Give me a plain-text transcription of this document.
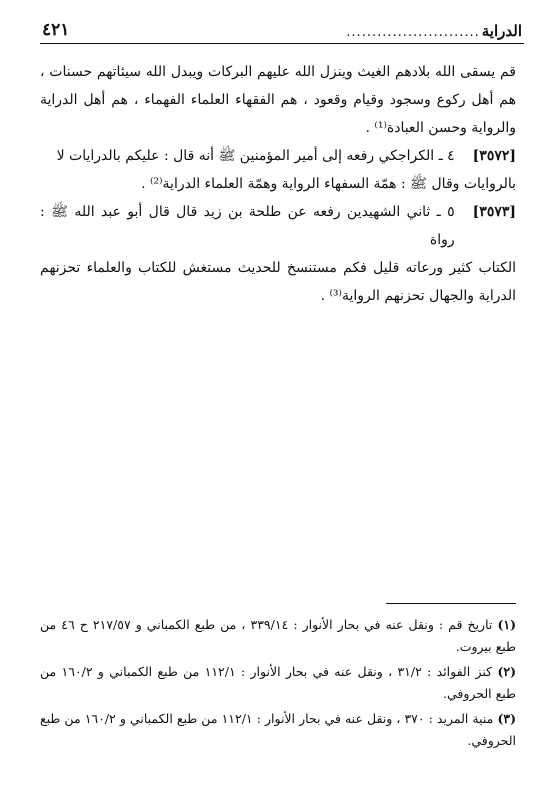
الدراية
..........................
٤٢١

قم يسقى الله بلادهم الغيث وينزل الله عليهم البركات ويبدل الله سيئاتهم حسنات ، هم أهل ركوع وسجود وقيام وقعود ، هم الفقهاء العلماء الفهماء ، هم أهل الدراية والرواية وحسن العبادة⁽¹⁾ .

[٣٥٧٢]
٤ ـ الكراجكي رفعه إلى أمير المؤمنين ﷺ أنه قال : عليكم بالدرايات لا
بالروايات وقال ﷺ : همّة السفهاء الرواية وهمّة العلماء الدراية⁽²⁾ .
[٣٥٧٣]
٥ ـ ثاني الشهيدين رفعه عن طلحة بن زيد قال قال أبو عبد الله ﷺ : رواة
الكتاب كثير ورعاته قليل فكم مستنسخ للحديث مستغش للكتاب والعلماء تحزنهم الدراية والجهال تحزنهم الرواية⁽³⁾ .

(١) تاريخ قم : ونقل عنه في بحار الأنوار : ٣٣٩/١٤ ، من طبع الكمباني و ٢١٧/٥٧ ح ٤٦ من طبع بيروت.

(٢) كنز الفوائد : ٣١/٢ ، ونقل عنه في بحار الأنوار : ١١٢/١ من طبع الكمباني و ١٦٠/٢ من طبع الحروفي.

(٣) منية المريد : ٣٧٠ ، ونقل عنه في بحار الأنوار : ١١٢/١ من طبع الكمباني و ١٦٠/٢ من طبع الحروفي.
